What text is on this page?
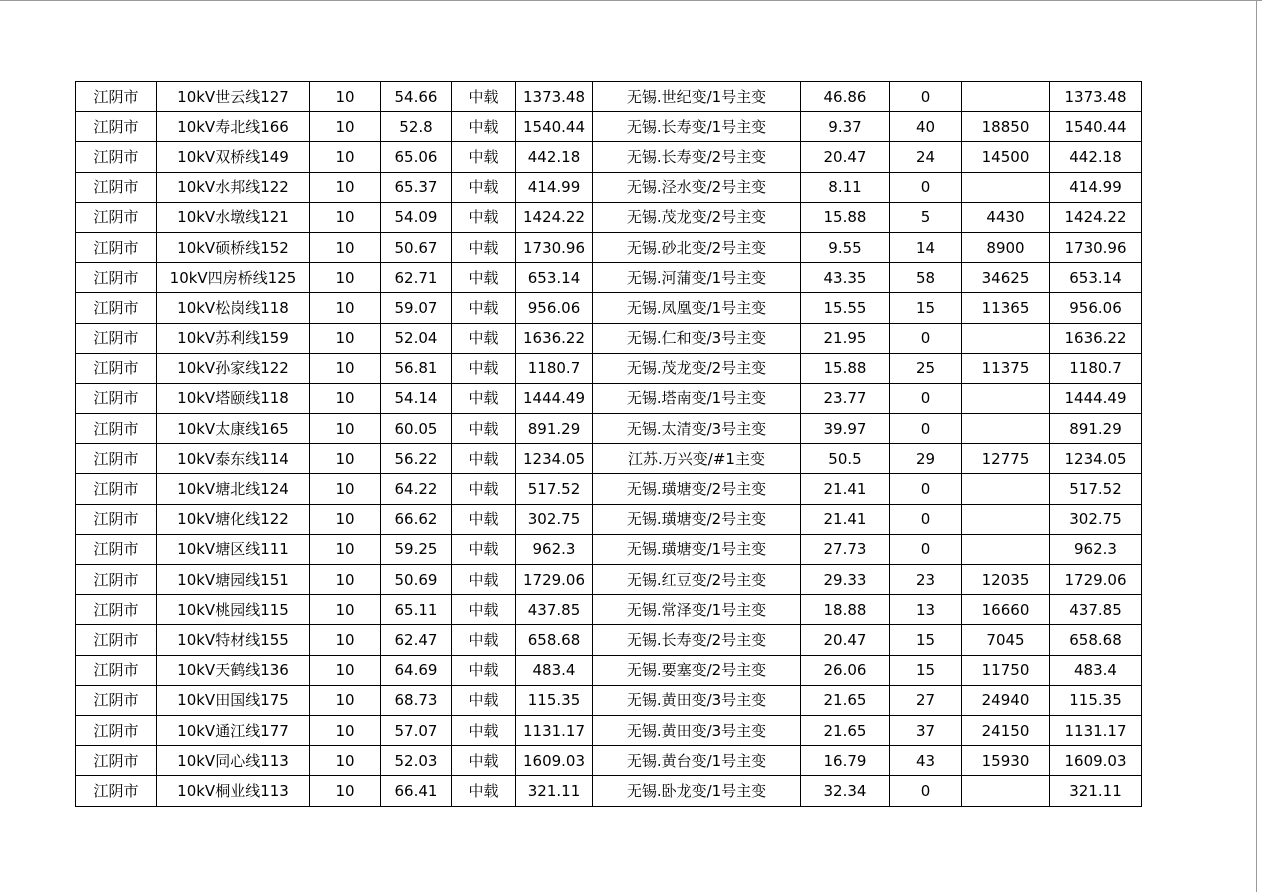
江阴市	10kV世云线127	10	54.66	中载	1373.48	无锡.世纪变/1号主变	46.86	0		1373.48
江阴市	10kV寿北线166	10	52.8	中载	1540.44	无锡.长寿变/1号主变	9.37	40	18850	1540.44
江阴市	10kV双桥线149	10	65.06	中载	442.18	无锡.长寿变/2号主变	20.47	24	14500	442.18
江阴市	10kV水邦线122	10	65.37	中载	414.99	无锡.泾水变/2号主变	8.11	0		414.99
江阴市	10kV水墩线121	10	54.09	中载	1424.22	无锡.茂龙变/2号主变	15.88	5	4430	1424.22
江阴市	10kV硕桥线152	10	50.67	中载	1730.96	无锡.砂北变/2号主变	9.55	14	8900	1730.96
江阴市	10kV四房桥线125	10	62.71	中载	653.14	无锡.河蒲变/1号主变	43.35	58	34625	653.14
江阴市	10kV松岗线118	10	59.07	中载	956.06	无锡.凤凰变/1号主变	15.55	15	11365	956.06
江阴市	10kV苏利线159	10	52.04	中载	1636.22	无锡.仁和变/3号主变	21.95	0		1636.22
江阴市	10kV孙家线122	10	56.81	中载	1180.7	无锡.茂龙变/2号主变	15.88	25	11375	1180.7
江阴市	10kV塔颐线118	10	54.14	中载	1444.49	无锡.塔南变/1号主变	23.77	0		1444.49
江阴市	10kV太康线165	10	60.05	中载	891.29	无锡.太清变/3号主变	39.97	0		891.29
江阴市	10kV泰东线114	10	56.22	中载	1234.05	江苏.万兴变/#1主变	50.5	29	12775	1234.05
江阴市	10kV塘北线124	10	64.22	中载	517.52	无锡.璜塘变/2号主变	21.41	0		517.52
江阴市	10kV塘化线122	10	66.62	中载	302.75	无锡.璜塘变/2号主变	21.41	0		302.75
江阴市	10kV塘区线111	10	59.25	中载	962.3	无锡.璜塘变/1号主变	27.73	0		962.3
江阴市	10kV塘园线151	10	50.69	中载	1729.06	无锡.红豆变/2号主变	29.33	23	12035	1729.06
江阴市	10kV桃园线115	10	65.11	中载	437.85	无锡.常泽变/1号主变	18.88	13	16660	437.85
江阴市	10kV特材线155	10	62.47	中载	658.68	无锡.长寿变/2号主变	20.47	15	7045	658.68
江阴市	10kV天鹤线136	10	64.69	中载	483.4	无锡.要塞变/2号主变	26.06	15	11750	483.4
江阴市	10kV田国线175	10	68.73	中载	115.35	无锡.黄田变/3号主变	21.65	27	24940	115.35
江阴市	10kV通江线177	10	57.07	中载	1131.17	无锡.黄田变/3号主变	21.65	37	24150	1131.17
江阴市	10kV同心线113	10	52.03	中载	1609.03	无锡.黄台变/1号主变	16.79	43	15930	1609.03
江阴市	10kV桐业线113	10	66.41	中载	321.11	无锡.卧龙变/1号主变	32.34	0		321.11
